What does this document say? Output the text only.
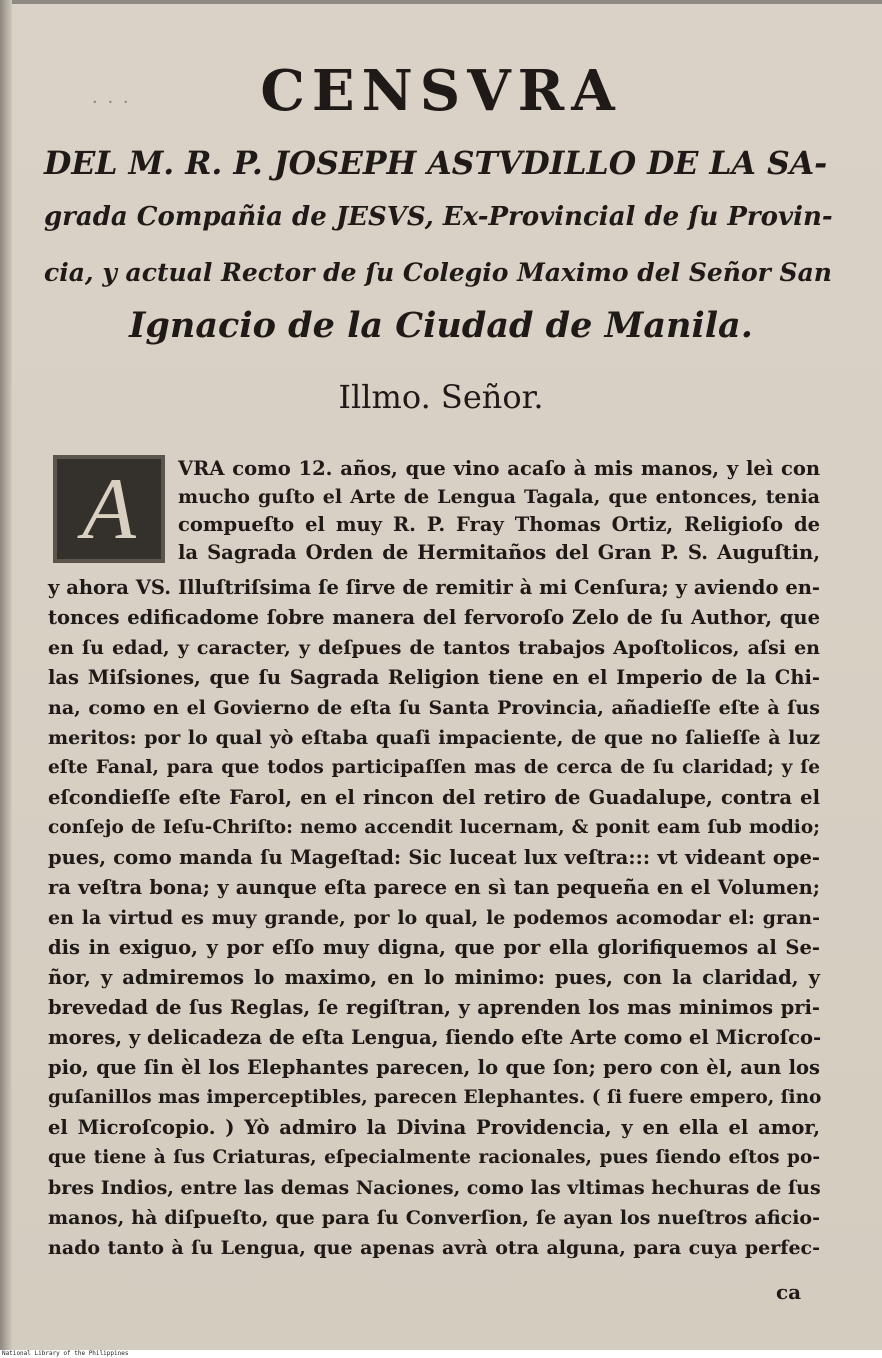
· · ·	CENSVRA
DEL M. R. P. JOSEPH ASTVDILLO DE LA SA-
grada Compañia de JESVS, Ex-Provincial de ſu Provin-
cia, y actual Rector de ſu Colegio Maximo del Señor San
Ignacio de la Ciudad de Manila.
Illmo. Señor.
A	VRA como 12. años, que vino acaſo à mis manos, y leì con
mucho guſto el Arte de Lengua Tagala, que entonces, tenia
compueſto el muy R. P. Fray Thomas Ortiz, Religioſo de
la Sagrada Orden de Hermitaños del Gran P. S. Auguſtin,
y ahora VS. Illuſtriſsima ſe ſirve de remitir à mi Cenſura; y aviendo en-
tonces edificadome ſobre manera del fervoroſo Zelo de ſu Author, que
en ſu edad, y caracter, y deſpues de tantos trabajos Apoſtolicos, aſsi en
las Miſsiones, que ſu Sagrada Religion tiene en el Imperio de la Chi-
na, como en el Govierno de eſta ſu Santa Provincia, añadieſſe eſte à ſus
meritos: por lo qual yò eſtaba quaſi impaciente, de que no ſalieſſe à luz
eſte Fanal, para que todos participaſſen mas de cerca de ſu claridad; y ſe
eſcondieſſe eſte Farol, en el rincon del retiro de Guadalupe, contra el
conſejo de Ieſu-Chriſto: nemo accendit lucernam, & ponit eam ſub modio;
pues, como manda ſu Mageſtad: Sic luceat lux veſtra::: vt videant ope-
ra veſtra bona; y aunque eſta parece en sì tan pequeña en el Volumen;
en la virtud es muy grande, por lo qual, le podemos acomodar el: gran-
dis in exiguo, y por eſſo muy digna, que por ella glorifiquemos al Se-
ñor, y admiremos lo maximo, en lo minimo: pues, con la claridad, y
brevedad de ſus Reglas, ſe regiſtran, y aprenden los mas minimos pri-
mores, y delicadeza de eſta Lengua, ſiendo eſte Arte como el Microſco-
pio, que ſin èl los Elephantes parecen, lo que ſon; pero con èl, aun los
guſanillos mas imperceptibles, parecen Elephantes. ( ſi fuere empero, ſino
el Microſcopio. ) Yò admiro la Divina Providencia, y en ella el amor,
que tiene à ſus Criaturas, eſpecialmente racionales, pues ſiendo eſtos po-
bres Indios, entre las demas Naciones, como las vltimas hechuras de ſus
manos, hà diſpueſto, que para ſu Converſion, ſe ayan los nueſtros aficio-
nado tanto à ſu Lengua, que apenas avrà otra alguna, para cuya perfec-
ca
National Library of the Philippines
